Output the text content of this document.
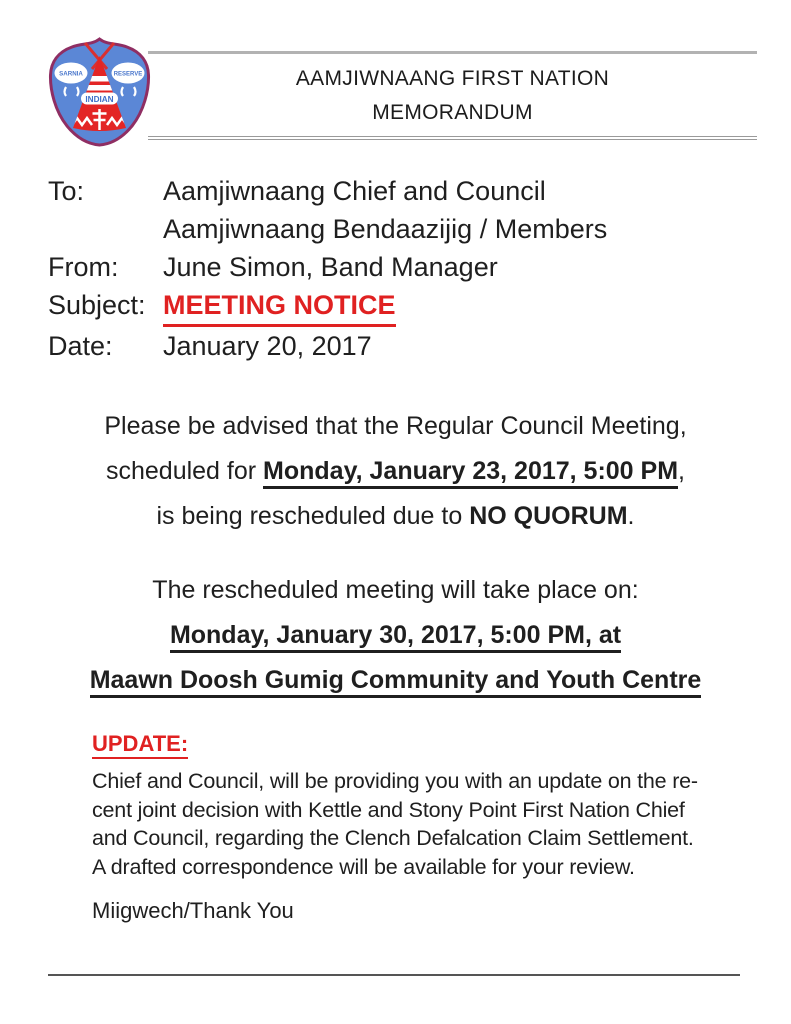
INDIAN
SARNIA	RESERVE	AAMJIWNAANG FIRST NATION
MEMORANDUM
To:	Aamjiwnaang Chief and Council
Aamjiwnaang Bendaazijig / Members
From:	June Simon, Band Manager
Subject: MEETING NOTICE
Date:	January 20, 2017
Please be advised that the Regular Council Meeting,
scheduled for Monday, January 23, 2017, 5:00 PM,
is being rescheduled due to NO QUORUM.
The rescheduled meeting will take place on:
Monday, January 30, 2017, 5:00 PM, at
Maawn Doosh Gumig Community and Youth Centre
UPDATE:
Chief and Council, will be providing you with an update on the re-
cent joint decision with Kettle and Stony Point First Nation Chief
and Council, regarding the Clench Defalcation Claim Settlement.
A drafted correspondence will be available for your review.
Miigwech/Thank You
